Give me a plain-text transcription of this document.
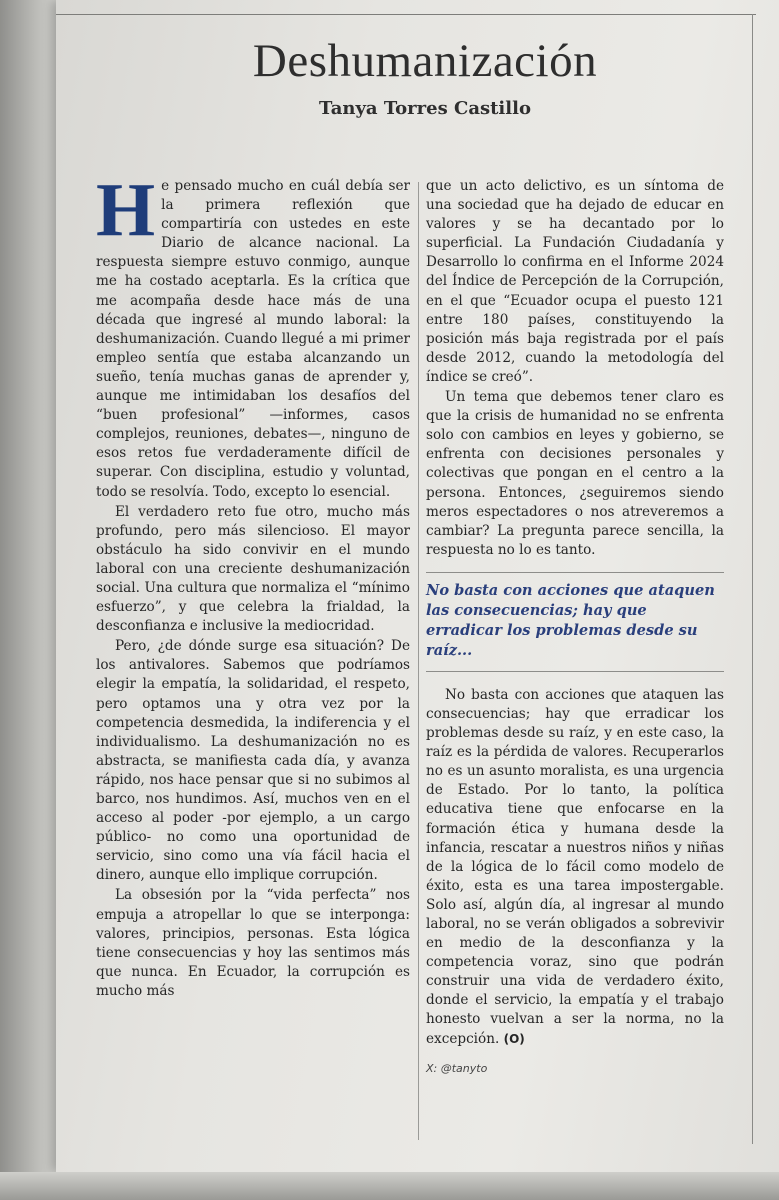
Deshumanización
Tanya Torres Castillo

He pensado mucho en cuál debía ser la primera reflexión que compartiría con ustedes en este Diario de alcance nacional. La respuesta siempre estuvo conmigo, aunque me ha costado aceptarla. Es la crítica que me acompaña desde hace más de una década que ingresé al mundo laboral: la deshumanización. Cuando llegué a mi primer empleo sentía que estaba alcanzando un sueño, tenía muchas ganas de aprender y, aunque me intimidaban los desafíos del “buen profesional” —informes, casos complejos, reuniones, debates—, ninguno de esos retos fue verdaderamente difícil de superar. Con disciplina, estudio y voluntad, todo se resolvía. Todo, excepto lo esencial.

El verdadero reto fue otro, mucho más profundo, pero más silencioso. El mayor obstáculo ha sido convivir en el mundo laboral con una creciente deshumanización social. Una cultura que normaliza el “mínimo esfuerzo”, y que celebra la frialdad, la desconfianza e inclusive la mediocridad.

Pero, ¿de dónde surge esa situación? De los antivalores. Sabemos que podríamos elegir la empatía, la solidaridad, el respeto, pero optamos una y otra vez por la competencia desmedida, la indiferencia y el individualismo. La deshumanización no es abstracta, se manifiesta cada día, y avanza rápido, nos hace pensar que si no subimos al barco, nos hundimos. Así, muchos ven en el acceso al poder -por ejemplo, a un cargo público- no como una oportunidad de servicio, sino como una vía fácil hacia el dinero, aunque ello implique corrupción.

La obsesión por la “vida perfecta” nos empuja a atropellar lo que se interponga: valores, principios, personas. Esta lógica tiene consecuencias y hoy las sentimos más que nunca. En Ecuador, la corrupción es mucho más

que un acto delictivo, es un síntoma de una sociedad que ha dejado de educar en valores y se ha decantado por lo superficial. La Fundación Ciudadanía y Desarrollo lo confirma en el Informe 2024 del Índice de Percepción de la Corrupción, en el que “Ecuador ocupa el puesto 121 entre 180 países, constituyendo la posición más baja registrada por el país desde 2012, cuando la metodología del índice se creó”.

Un tema que debemos tener claro es que la crisis de humanidad no se enfrenta solo con cambios en leyes y gobierno, se enfrenta con decisiones personales y colectivas que pongan en el centro a la persona. Entonces, ¿seguiremos siendo meros espectadores o nos atreveremos a cambiar? La pregunta parece sencilla, la respuesta no lo es tanto.

No basta con acciones que ataquen las consecuencias; hay que erradicar los problemas desde su raíz...

No basta con acciones que ataquen las consecuencias; hay que erradicar los problemas desde su raíz, y en este caso, la raíz es la pérdida de valores. Recuperarlos no es un asunto moralista, es una urgencia de Estado. Por lo tanto, la política educativa tiene que enfocarse en la formación ética y humana desde la infancia, rescatar a nuestros niños y niñas de la lógica de lo fácil como modelo de éxito, esta es una tarea impostergable. Solo así, algún día, al ingresar al mundo laboral, no se verán obligados a sobrevivir en medio de la desconfianza y la competencia voraz, sino que podrán construir una vida de verdadero éxito, donde el servicio, la empatía y el trabajo honesto vuelvan a ser la norma, no la excepción. (O)

X: @tanyto
